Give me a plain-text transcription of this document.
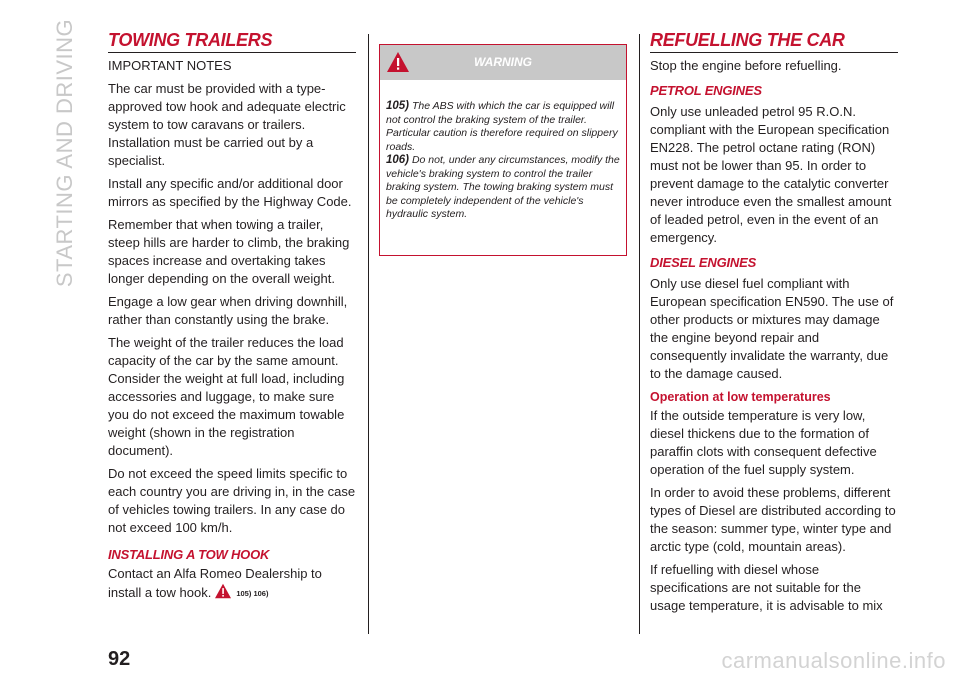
STARTING AND DRIVING TOWING TRAILERS

IMPORTANT NOTES

The car must be provided with a type-approved tow hook and adequate electric system to tow caravans or trailers. Installation must be carried out by a specialist.

Install any specific and/or additional door mirrors as specified by the Highway Code.

Remember that when towing a trailer, steep hills are harder to climb, the braking spaces increase and overtaking takes longer depending on the overall weight.

Engage a low gear when driving downhill, rather than constantly using the brake.

The weight of the trailer reduces the load capacity of the car by the same amount. Consider the weight at full load, including accessories and luggage, to make sure you do not exceed the maximum towable weight (shown in the registration document).

Do not exceed the speed limits specific to each country you are driving in, in the case of vehicles towing trailers. In any case do not exceed 100 km/h.

INSTALLING A TOW HOOK

Contact an Alfa Romeo Dealership to install a tow hook.	105) 106)

WARNING

105) The ABS with which the car is equipped will not control the braking system of the trailer. Particular caution is therefore required on slippery roads.

106) Do not, under any circumstances, modify the vehicle's braking system to control the trailer braking system. The towing braking system must be completely independent of the vehicle's hydraulic system.

REFUELLING THE CAR

Stop the engine before refuelling.

PETROL ENGINES

Only use unleaded petrol 95 R.O.N. compliant with the European specification EN228. The petrol octane rating (RON) must not be lower than 95. In order to prevent damage to the catalytic converter never introduce even the smallest amount of leaded petrol, even in the event of an emergency.

DIESEL ENGINES

Only use diesel fuel compliant with European specification EN590. The use of other products or mixtures may damage the engine beyond repair and consequently invalidate the warranty, due to the damage caused.

Operation at low temperatures

If the outside temperature is very low, diesel thickens due to the formation of paraffin clots with consequent defective operation of the fuel supply system.

In order to avoid these problems, different types of Diesel are distributed according to the season: summer type, winter type and arctic type (cold, mountain areas).

If refuelling with diesel whose specifications are not suitable for the usage temperature, it is advisable to mix

92	carmanualsonline.info
